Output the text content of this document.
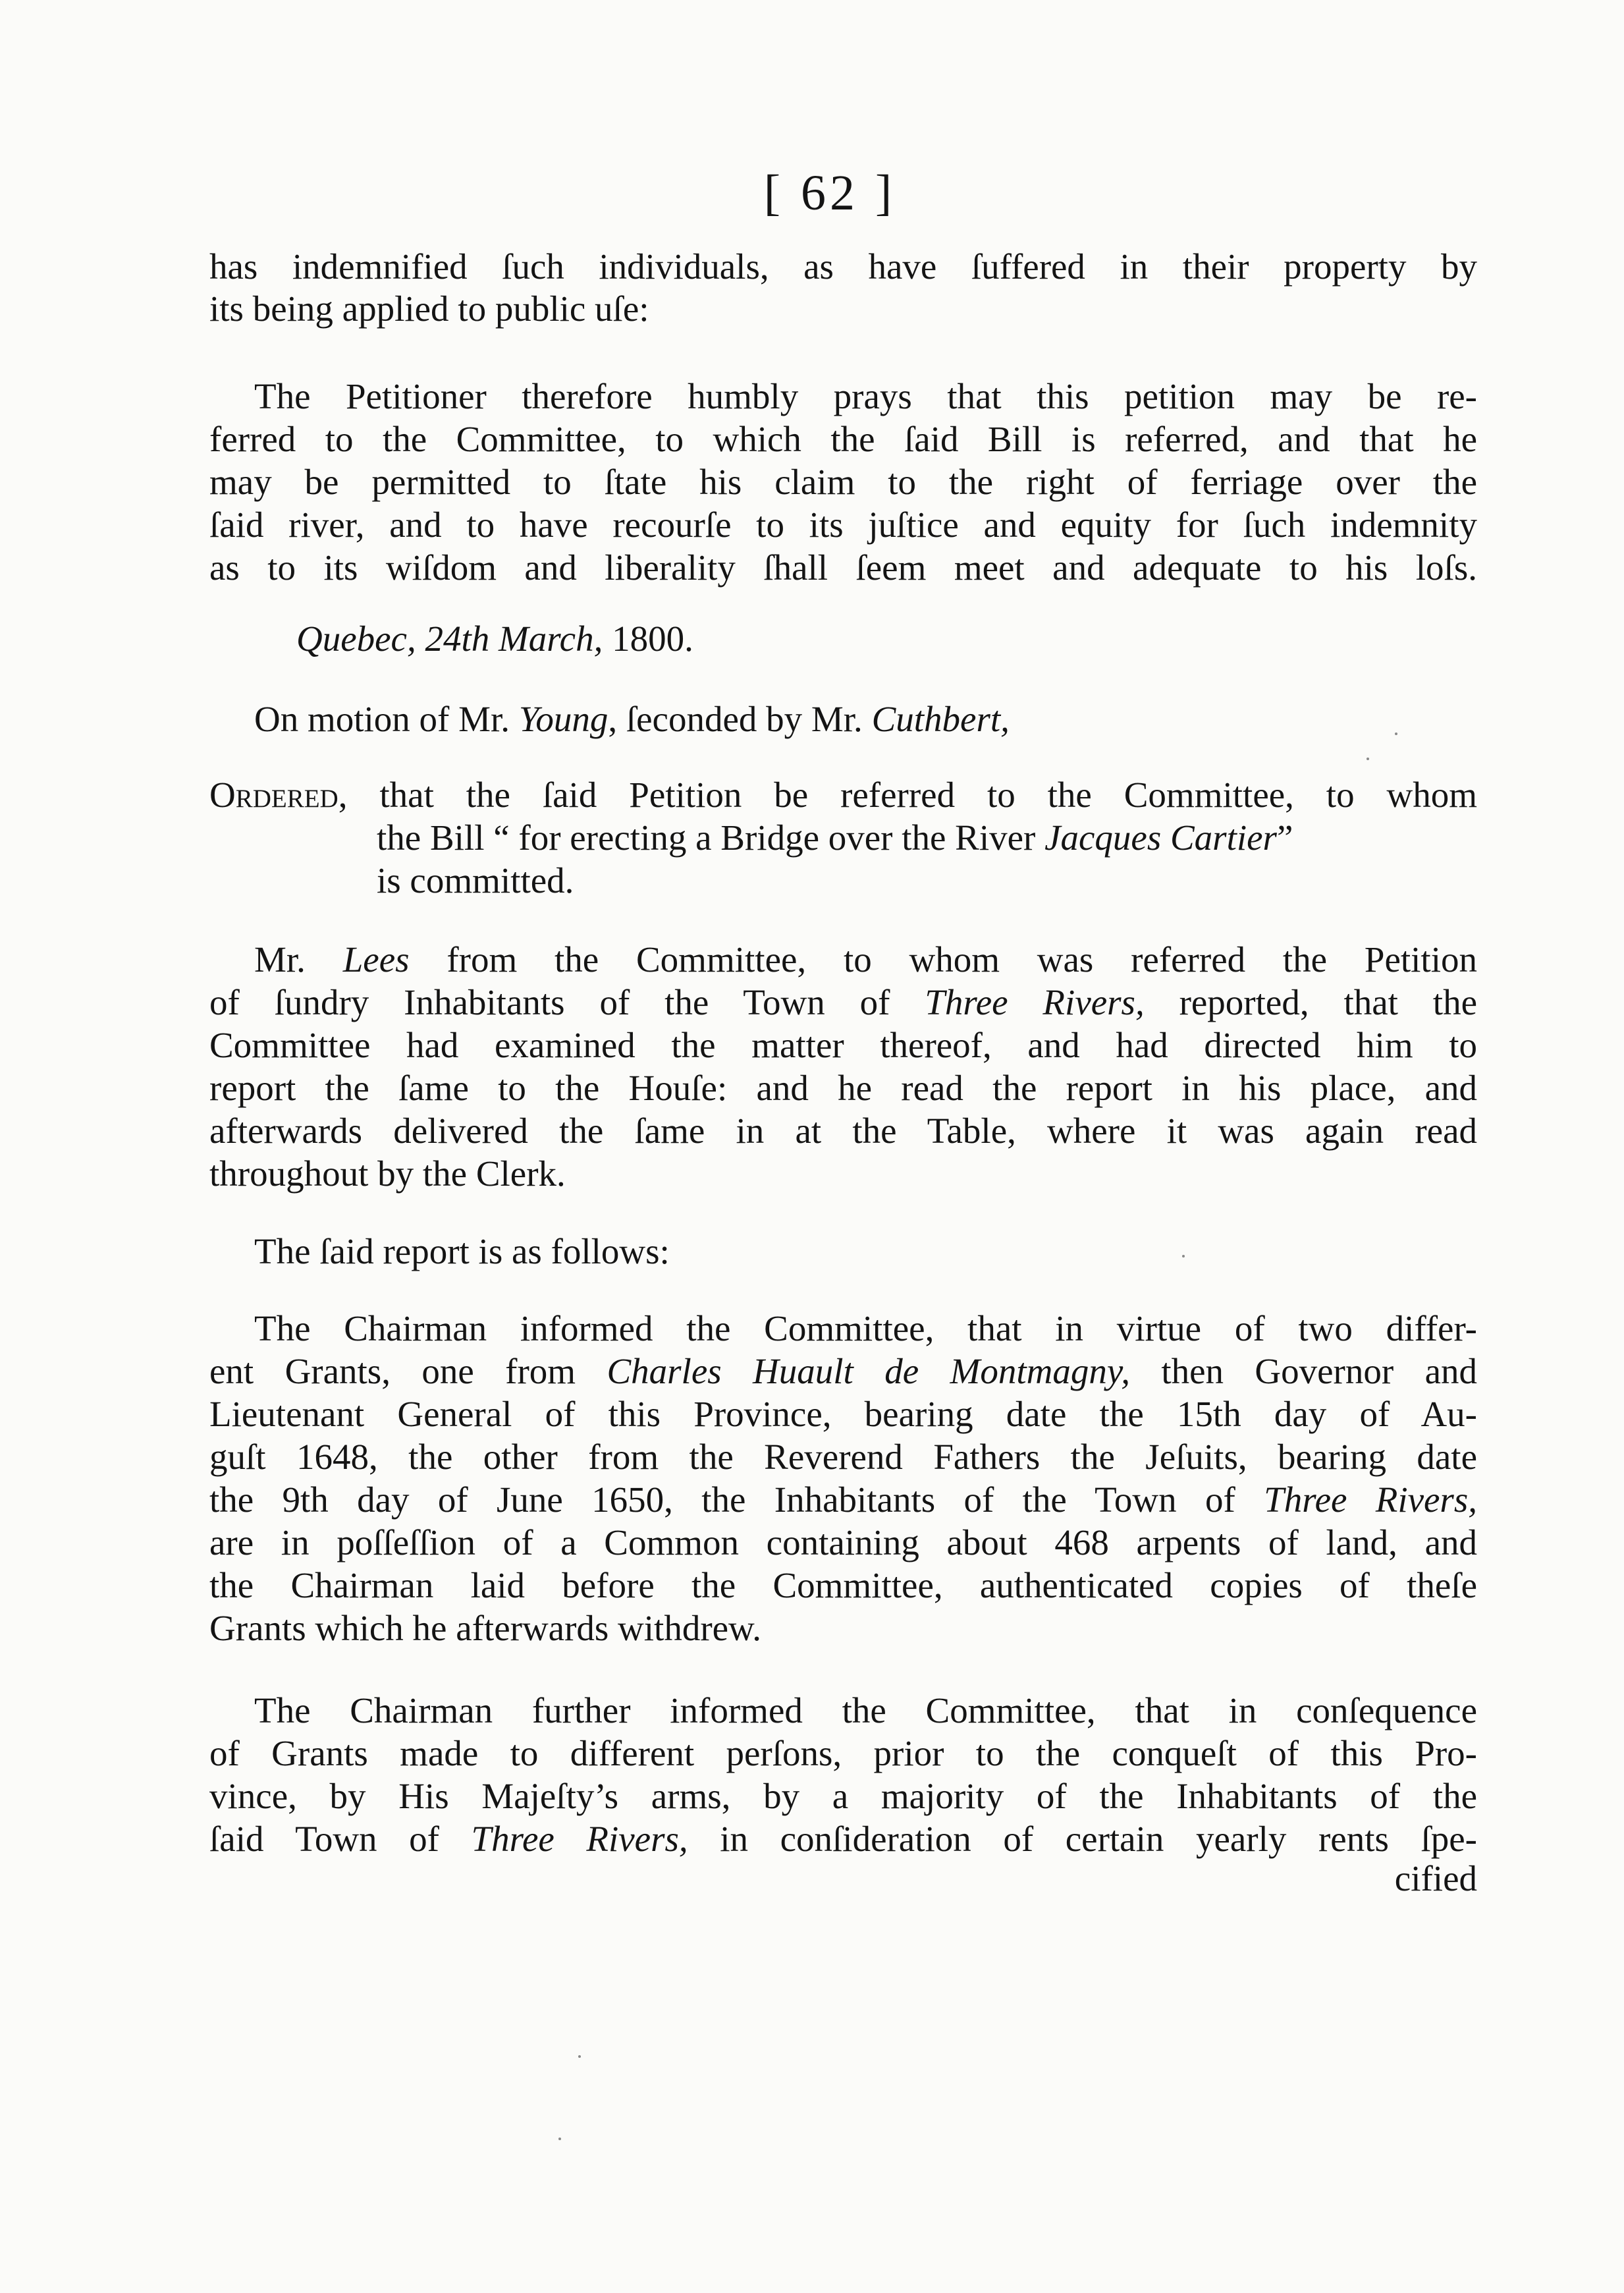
[ 62 ]
has indemnified ſuch individuals, as have ſuffered in their property by
its being applied to public uſe:
The Petitioner therefore humbly prays that this petition may be re-
ferred to the Committee, to which the ſaid Bill is referred, and that he
may be permitted to ſtate his claim to the right of ferriage over the
ſaid river, and to have recourſe to its juſtice and equity for ſuch indemnity
as to its wiſdom and liberality ſhall ſeem meet and adequate to his loſs.
Quebec, 24th March, 1800.
On motion of Mr. Young, ſeconded by Mr. Cuthbert,
Ordered, that the ſaid Petition be referred to the Committee, to whom
the Bill “ for erecting a Bridge over the River Jacques Cartier”
is committed.
Mr. Lees from the Committee, to whom was referred the Petition
of ſundry Inhabitants of the Town of Three Rivers, reported, that the
Committee had examined the matter thereof, and had directed him to
report the ſame to the Houſe: and he read the report in his place, and
afterwards delivered the ſame in at the Table, where it was again read
throughout by the Clerk.
The ſaid report is as follows:
The Chairman informed the Committee, that in virtue of two differ-
ent Grants, one from Charles Huault de Montmagny, then Governor and
Lieutenant General of this Province, bearing date the 15th day of Au-
guſt 1648, the other from the Reverend Fathers the Jeſuits, bearing date
the 9th day of June 1650, the Inhabitants of the Town of Three Rivers,
are in poſſeſſion of a Common containing about 468 arpents of land, and
the Chairman laid before the Committee, authenticated copies of theſe
Grants which he afterwards withdrew.
The Chairman further informed the Committee, that in conſequence
of Grants made to different perſons, prior to the conqueſt of this Pro-
vince, by His Majeſty’s arms, by a majority of the Inhabitants of the
ſaid Town of Three Rivers, in conſideration of certain yearly rents ſpe-
cified
